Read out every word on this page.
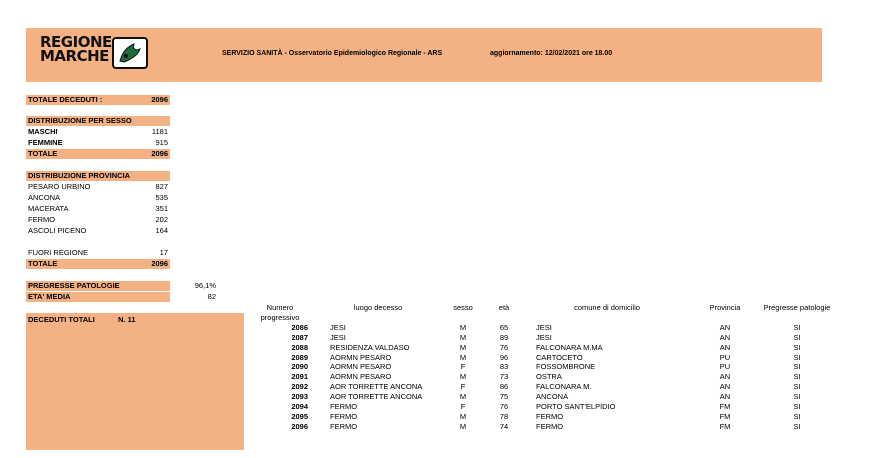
REGIONE
MARCHE	SERVIZIO SANITÀ - Osservatorio Epidemiologico Regionale - ARS	aggiornamento: 12/02/2021 ore 18.00
TOTALE DECEDUTI :	2096
DISTRIBUZIONE PER SESSO
MASCHI	1181
FEMMINE	915
TOTALE	2096
DISTRIBUZIONE PROVINCIA
PESARO URBINO	827
ANCONA	535
MACERATA	351
FERMO	202
ASCOLI PICENO	164
FUORI REGIONE	17
TOTALE	2096
PREGRESSE PATOLOGIE	96,1%
ETA' MEDIA	82
DECEDUTI TOTALI	N. 11
Numero
progressivo	luogo decesso	sesso	età	comune di domicilio	Provincia	Pregresse patologie
2086	JESI	M	65	JESI	AN	SI
2087	JESI	M	89	JESI	AN	SI
2088	RESIDENZA VALDASO	M	76	FALCONARA M.MA	AN	SI
2089	AORMN PESARO	M	96	CARTOCETO	PU	SI
2090	AORMN PESARO	F	83	FOSSOMBRONE	PU	SI
2091	AORMN PESARO	M	73	OSTRA	AN	SI
2092	AOR TORRETTE ANCONA	F	86	FALCONARA M.	AN	SI
2093	AOR TORRETTE ANCONA	M	75	ANCONA	AN	SI
2094	FERMO	F	76	PORTO SANT'ELPIDIO	FM	SI
2095	FERMO	M	78	FERMO	FM	SI
2096	FERMO	M	74	FERMO	FM	SI
